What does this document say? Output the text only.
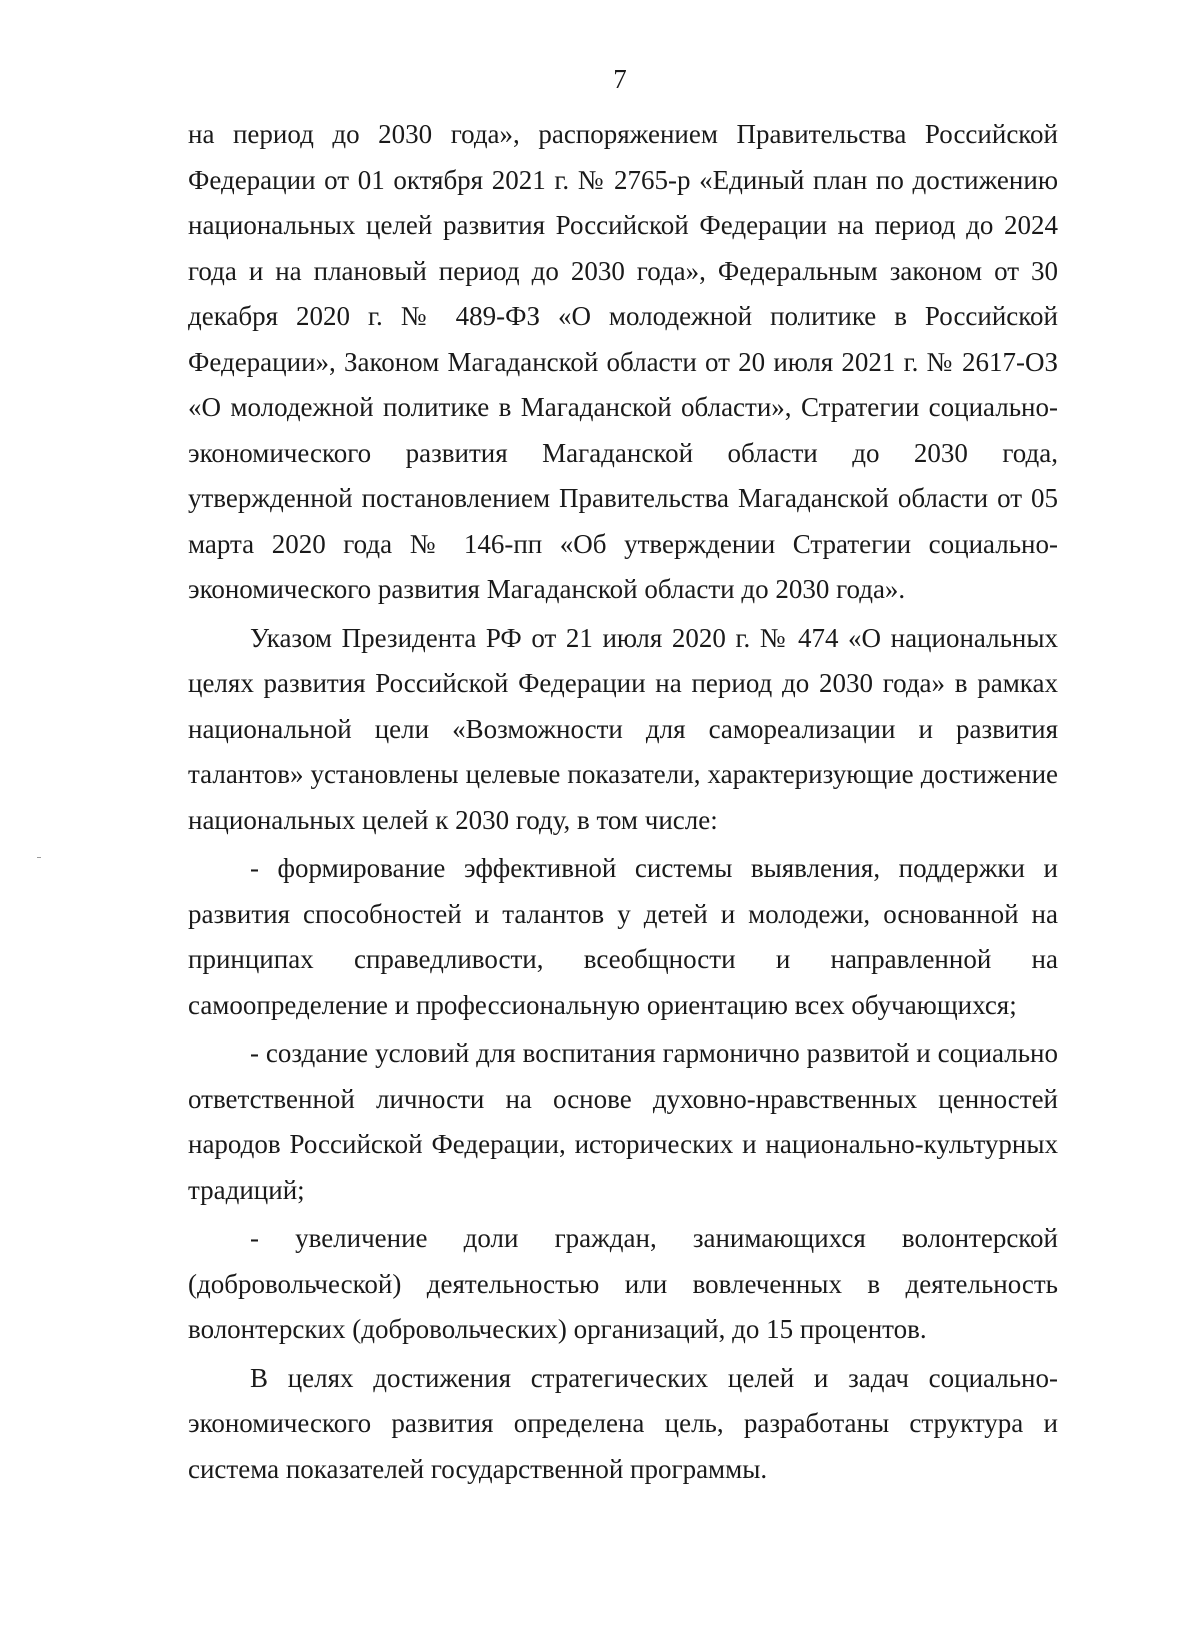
7

на период до 2030 года», распоряжением Правительства Российской Федерации от 01 октября 2021 г. № 2765-р «Единый план по достижению национальных целей развития Российской Федерации на период до 2024 года и на плановый период до 2030 года», Федеральным законом от 30 декабря 2020 г. № 489-ФЗ «О молодежной политике в Российской Федерации», Законом Магаданской области от 20 июля 2021 г. № 2617-ОЗ «О молодежной политике в Магаданской области», Стратегии социально-экономического развития Магаданской области до 2030 года, утвержденной постановлением Правительства Магаданской области от 05 марта 2020 года № 146-пп «Об утверждении Стратегии социально-экономического развития Магаданской области до 2030 года».

Указом Президента РФ от 21 июля 2020 г. № 474 «О национальных целях развития Российской Федерации на период до 2030 года» в рамках национальной цели «Возможности для самореализации и развития талантов» установлены целевые показатели, характеризующие достижение национальных целей к 2030 году, в том числе:

- формирование эффективной системы выявления, поддержки и развития способностей и талантов у детей и молодежи, основанной на принципах справедливости, всеобщности и направленной на самоопределение и профессиональную ориентацию всех обучающихся;

- создание условий для воспитания гармонично развитой и социально ответственной личности на основе духовно-нравственных ценностей народов Российской Федерации, исторических и национально-культурных традиций;

- увеличение доли граждан, занимающихся волонтерской (добровольческой) деятельностью или вовлеченных в деятельность волонтерских (добровольческих) организаций, до 15 процентов.

В целях достижения стратегических целей и задач социально-экономического развития определена цель, разработаны структура и система показателей государственной программы.
